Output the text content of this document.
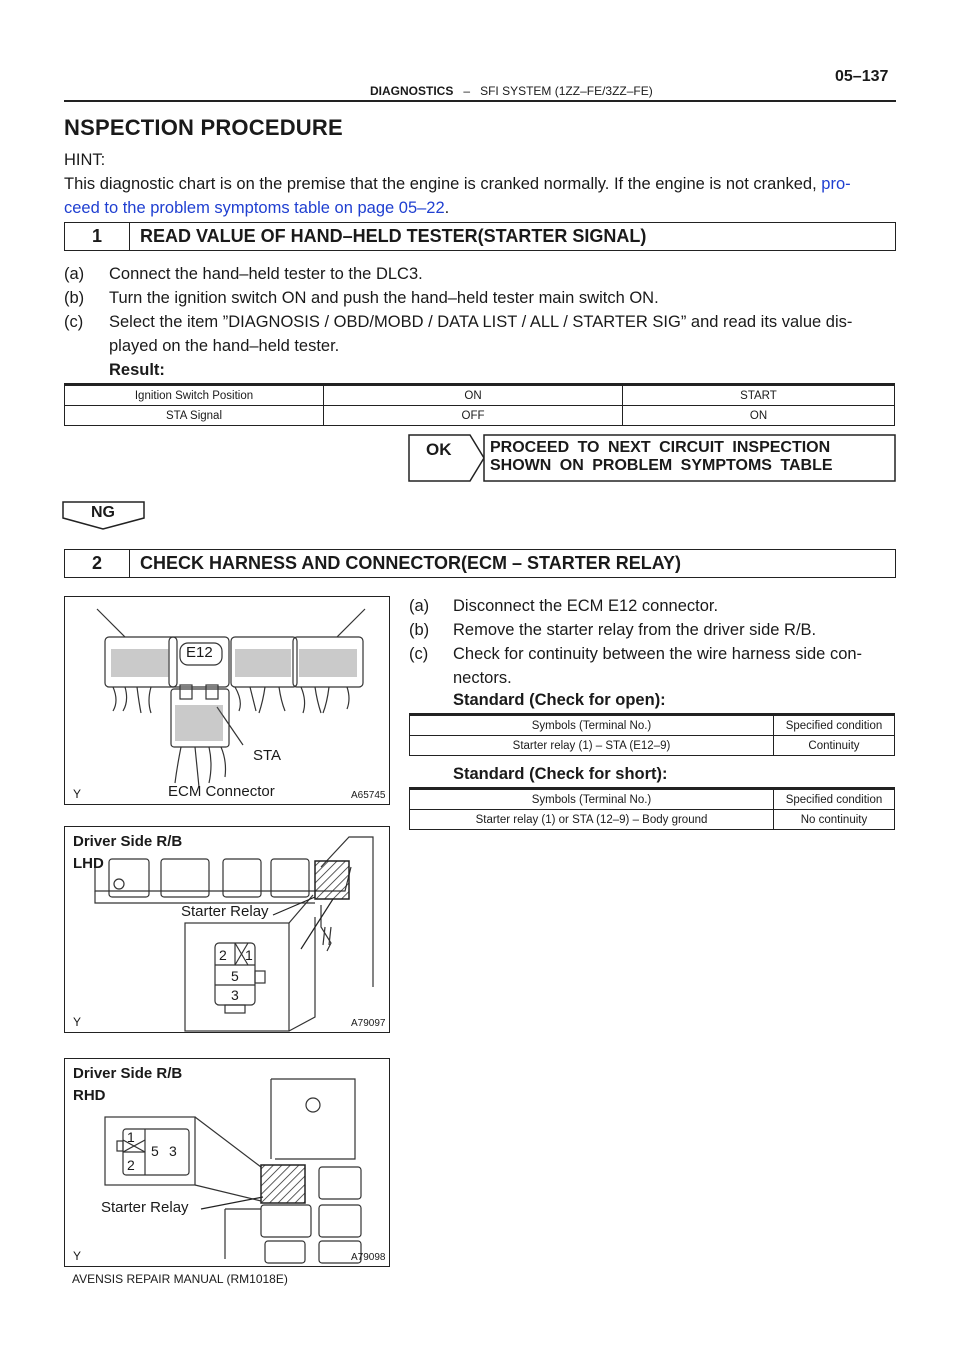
DIAGNOSTICS – SFI SYSTEM (1ZZ–FE/3ZZ–FE)
05–137
NSPECTION PROCEDURE
HINT:
This diagnostic chart is on the premise that the engine is cranked normally. If the engine is not cranked, pro-
ceed to the problem symptoms table on page 05–22.
1	READ VALUE OF HAND–HELD TESTER(STARTER SIGNAL)
(a) Connect the hand–held tester to the DLC3.
(b) Turn the ignition switch ON and push the hand–held tester main switch ON.
(c) Select the item ”DIAGNOSIS / OBD/MOBD / DATA LIST / ALL / STARTER SIG” and read its value dis-
played on the hand–held tester.
Result:
Ignition Switch Position	ON	START
STA Signal	OFF	ON
OK PROCEED TO NEXT CIRCUIT INSPECTION
SHOWN ON PROBLEM SYMPTOMS TABLE
NG
2	CHECK HARNESS AND CONNECTOR(ECM – STARTER RELAY)
(a) Disconnect the ECM E12 connector.
(b) Remove the starter relay from the driver side R/B.
(c) Check for continuity between the wire harness side con-
nectors.
Standard (Check for open):
Symbols (Terminal No.)	Specified condition
Starter relay (1) – STA (E12–9)	Continuity
Standard (Check for short):
Symbols (Terminal No.)	Specified condition
Starter relay (1) or STA (12–9) – Body ground	No continuity
E12
STA
ECM Connector
Y	A65745
Driver Side R/B
LHD
Starter Relay
2 1
5
3
Y	A79097
Driver Side R/B
RHD
1
2
5 3
Starter Relay
Y	A79098
AVENSIS REPAIR MANUAL (RM1018E)
